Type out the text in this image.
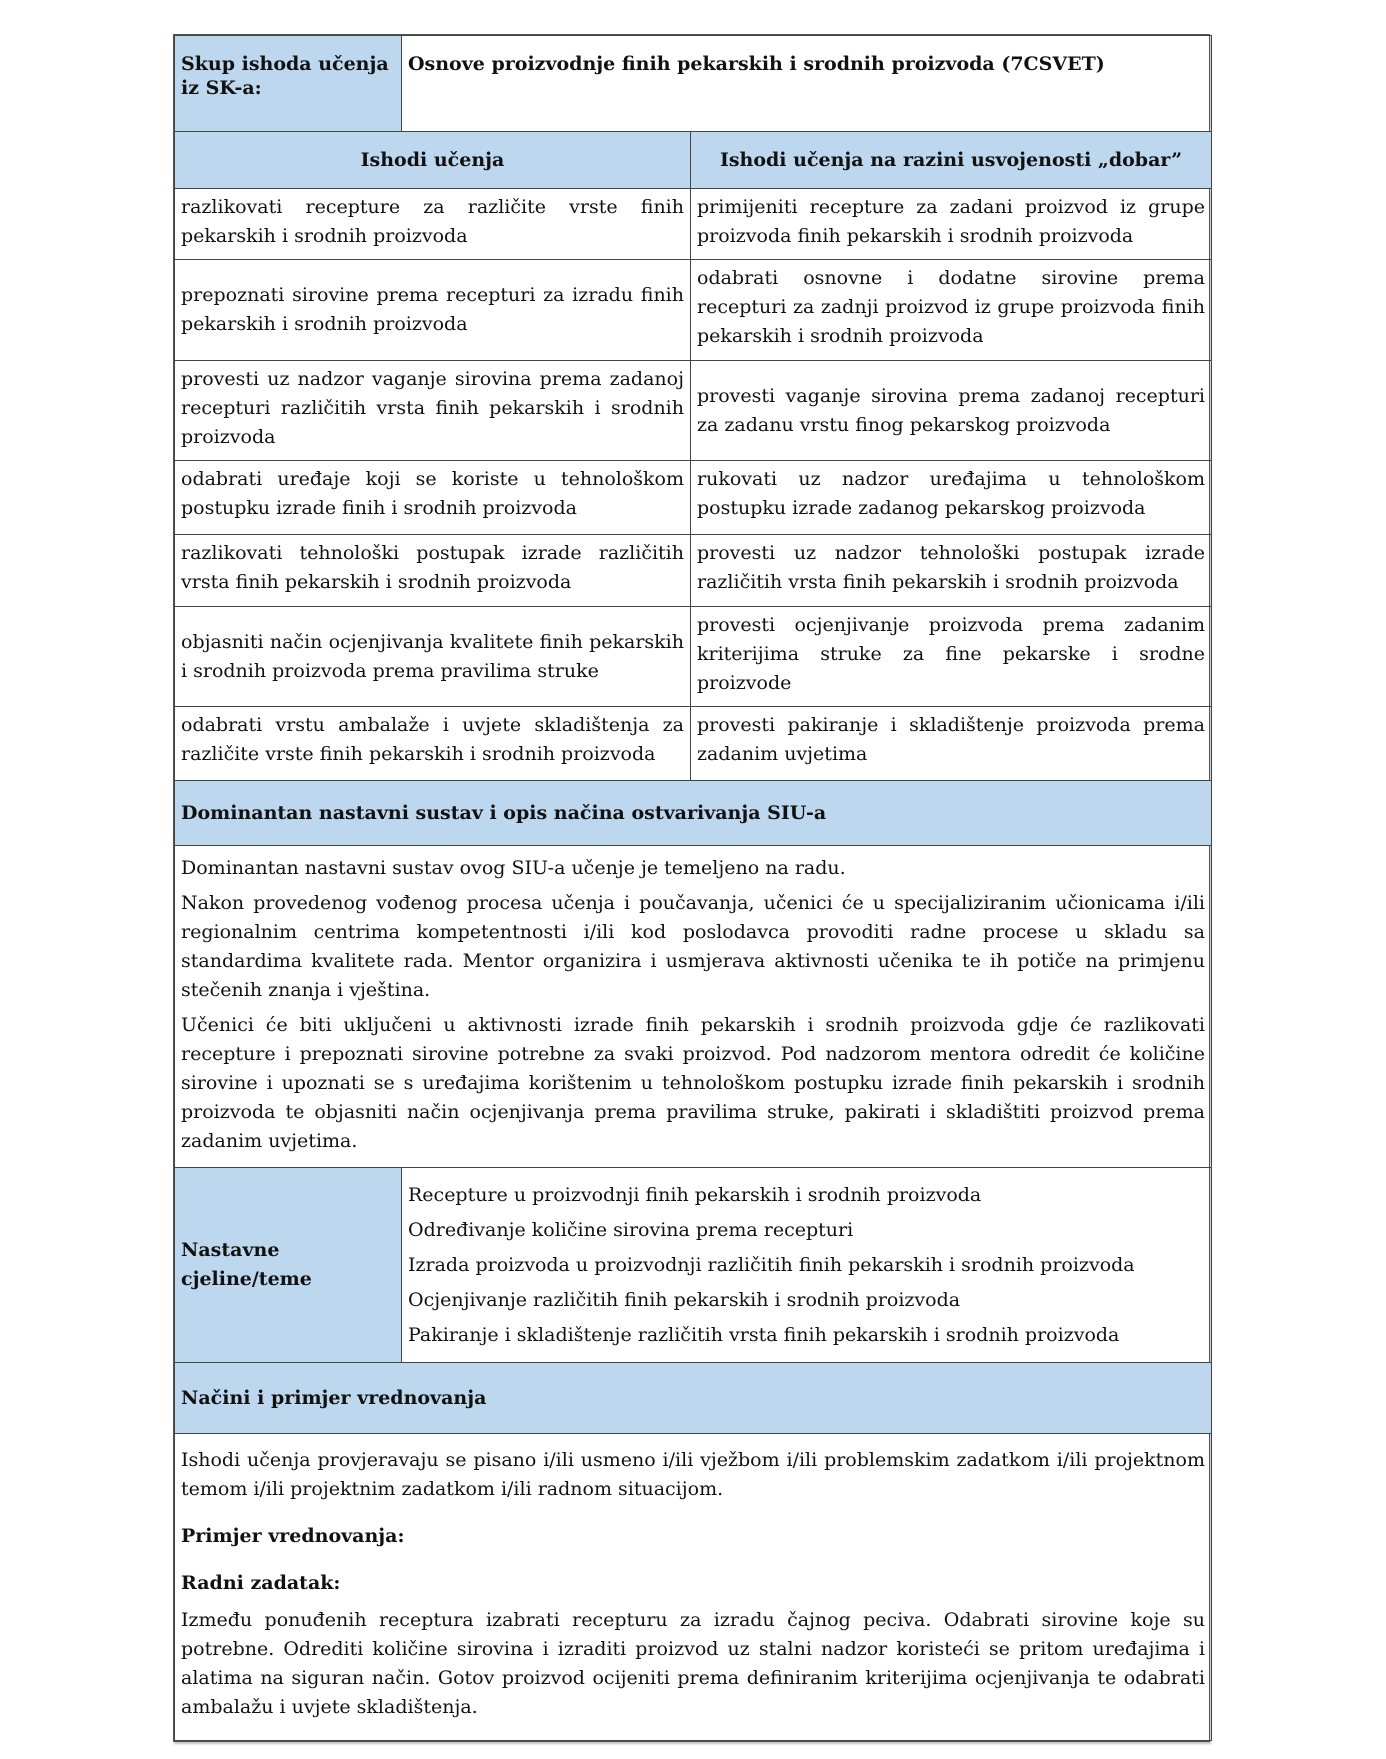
Skup ishoda učenja iz SK-a:	Osnove proizvodnje finih pekarskih i srodnih proizvoda (7CSVET)	
Ishodi učenja		Ishodi učenja na razini usvojenosti „dobar”
razlikovati recepture za različite vrste finih pekarskih i srodnih proizvoda		primijeniti recepture za zadani proizvod iz grupe proizvoda finih pekarskih i srodnih proizvoda
prepoznati sirovine prema recepturi za izradu finih pekarskih i srodnih proizvoda		odabrati osnovne i dodatne sirovine prema recepturi za zadnji proizvod iz grupe proizvoda finih pekarskih i srodnih proizvoda
provesti uz nadzor vaganje sirovina prema zadanoj recepturi različitih vrsta finih pekarskih i srodnih proizvoda		provesti vaganje sirovina prema zadanoj recepturi za zadanu vrstu finog pekarskog proizvoda
odabrati uređaje koji se koriste u tehnološkom postupku izrade finih i srodnih proizvoda		rukovati uz nadzor uređajima u tehnološkom postupku izrade zadanog pekarskog proizvoda
razlikovati tehnološki postupak izrade različitih vrsta finih pekarskih i srodnih proizvoda		provesti uz nadzor tehnološki postupak izrade različitih vrsta finih pekarskih i srodnih proizvoda
objasniti način ocjenjivanja kvalitete finih pekarskih i srodnih proizvoda prema pravilima struke		provesti ocjenjivanje proizvoda prema zadanim kriterijima struke za fine pekarske i srodne proizvode
odabrati vrstu ambalaže i uvjete skladištenja za različite vrste finih pekarskih i srodnih proizvoda		provesti pakiranje i skladištenje proizvoda prema zadanim uvjetima
Dominantan nastavni sustav i opis načina ostvarivanja SIU-a		

Dominantan nastavni sustav ovog SIU-a učenje je temeljeno na radu.

Nakon provedenog vođenog procesa učenja i poučavanja, učenici će u specijaliziranim učionicama i/ili regionalnim centrima kompetentnosti i/ili kod poslodavca provoditi radne procese u skladu sa standardima kvalitete rada. Mentor organizira i usmjerava aktivnosti učenika te ih potiče na primjenu stečenih znanja i vještina.

Učenici će biti uključeni u aktivnosti izrade finih pekarskih i srodnih proizvoda gdje će razlikovati recepture i prepoznati sirovine potrebne za svaki proizvod. Pod nadzorom mentora odredit će količine sirovine i upoznati se s uređajima korištenim u tehnološkom postupku izrade finih pekarskih i srodnih proizvoda te objasniti način ocjenjivanja prema pravilima struke, pakirati i skladištiti proizvod prema zadanim uvjetima.		

Nastavne cjeline/teme	Recepture u proizvodnji finih pekarskih i srodnih proizvoda
Određivanje količine sirovina prema recepturi
Izrada proizvoda u proizvodnji različitih finih pekarskih i srodnih proizvoda
Ocjenjivanje različitih finih pekarskih i srodnih proizvoda
Pakiranje i skladištenje različitih vrsta finih pekarskih i srodnih proizvoda	

Načini i primjer vrednovanja		

Ishodi učenja provjeravaju se pisano i/ili usmeno i/ili vježbom i/ili problemskim zadatkom i/ili projektnom temom i/ili projektnim zadatkom i/ili radnom situacijom.

Primjer vrednovanja:

Radni zadatak:

Između ponuđenih receptura izabrati recepturu za izradu čajnog peciva. Odabrati sirovine koje su potrebne. Odrediti količine sirovina i izraditi proizvod uz stalni nadzor koristeći se pritom uređajima i alatima na siguran način. Gotov proizvod ocijeniti prema definiranim kriterijima ocjenjivanja te odabrati ambalažu i uvjete skladištenja.		
